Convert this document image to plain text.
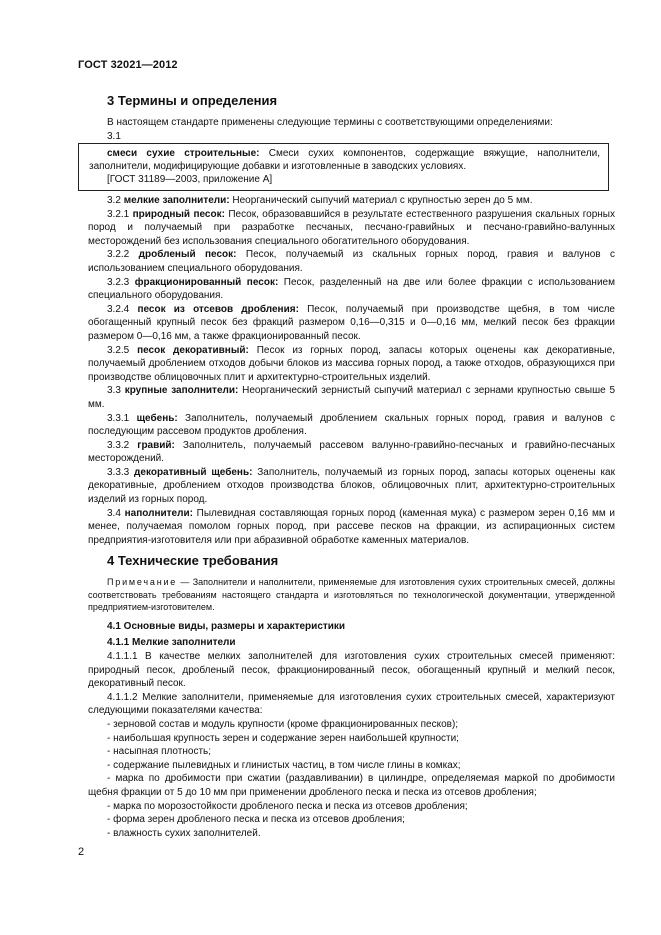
ГОСТ 32021—2012
3 Термины и определения

В настоящем стандарте применены следующие термины с соответствующими определениями:

3.1

смеси сухие строительные: Смеси сухих компонентов, содержащие вяжущие, наполнители, заполнители, модифицирующие добавки и изготовленные в заводских условиях.

[ГОСТ 31189—2003, приложение А]

3.2 мелкие заполнители: Неорганический сыпучий материал с крупностью зерен до 5 мм.

3.2.1 природный песок: Песок, образовавшийся в результате естественного разрушения скальных горных пород и получаемый при разработке песчаных, песчано-гравийных и песчано-гравийно-валунных месторождений без использования специального обогатительного оборудования.

3.2.2 дробленый песок: Песок, получаемый из скальных горных пород, гравия и валунов с использованием специального оборудования.

3.2.3 фракционированный песок: Песок, разделенный на две или более фракции с использованием специального оборудования.

3.2.4 песок из отсевов дробления: Песок, получаемый при производстве щебня, в том числе обогащенный крупный песок без фракций размером 0,16—0,315 и 0—0,16 мм, мелкий песок без фракции размером 0—0,16 мм, а также фракционированный песок.

3.2.5 песок декоративный: Песок из горных пород, запасы которых оценены как декоративные, получаемый дроблением отходов добычи блоков из массива горных пород, а также отходов, образующихся при производстве облицовочных плит и архитектурно-строительных изделий.

3.3 крупные заполнители: Неорганический зернистый сыпучий материал с зернами крупностью свыше 5 мм.

3.3.1 щебень: Заполнитель, получаемый дроблением скальных горных пород, гравия и валунов с последующим рассевом продуктов дробления.

3.3.2 гравий: Заполнитель, получаемый рассевом валунно-гравийно-песчаных и гравийно-песчаных месторождений.

3.3.3 декоративный щебень: Заполнитель, получаемый из горных пород, запасы которых оценены как декоративные, дроблением отходов производства блоков, облицовочных плит, архитектурно-строительных изделий из горных пород.

3.4 наполнители: Пылевидная составляющая горных пород (каменная мука) с размером зерен 0,16 мм и менее, получаемая помолом горных пород, при рассеве песков на фракции, из аспирационных систем предприятия-изготовителя или при абразивной обработке каменных материалов.

4 Технические требования

Примечание — Заполнители и наполнители, применяемые для изготовления сухих строительных смесей, должны соответствовать требованиям настоящего стандарта и изготовляться по технологической документации, утвержденной предприятием-изготовителем.

4.1 Основные виды, размеры и характеристики
4.1.1 Мелкие заполнители

4.1.1.1 В качестве мелких заполнителей для изготовления сухих строительных смесей применяют: природный песок, дробленый песок, фракционированный песок, обогащенный крупный и мелкий песок, декоративный песок.

4.1.1.2 Мелкие заполнители, применяемые для изготовления сухих строительных смесей, характеризуют следующими показателями качества:

- зерновой состав и модуль крупности (кроме фракционированных песков);

- наибольшая крупность зерен и содержание зерен наибольшей крупности;

- насыпная плотность;

- содержание пылевидных и глинистых частиц, в том числе глины в комках;

- марка по дробимости при сжатии (раздавливании) в цилиндре, определяемая маркой по дробимости щебня фракции от 5 до 10 мм при применении дробленого песка и песка из отсевов дробления;

- марка по морозостойкости дробленого песка и песка из отсевов дробления;

- форма зерен дробленого песка и песка из отсевов дробления;

- влажность сухих заполнителей.

2
